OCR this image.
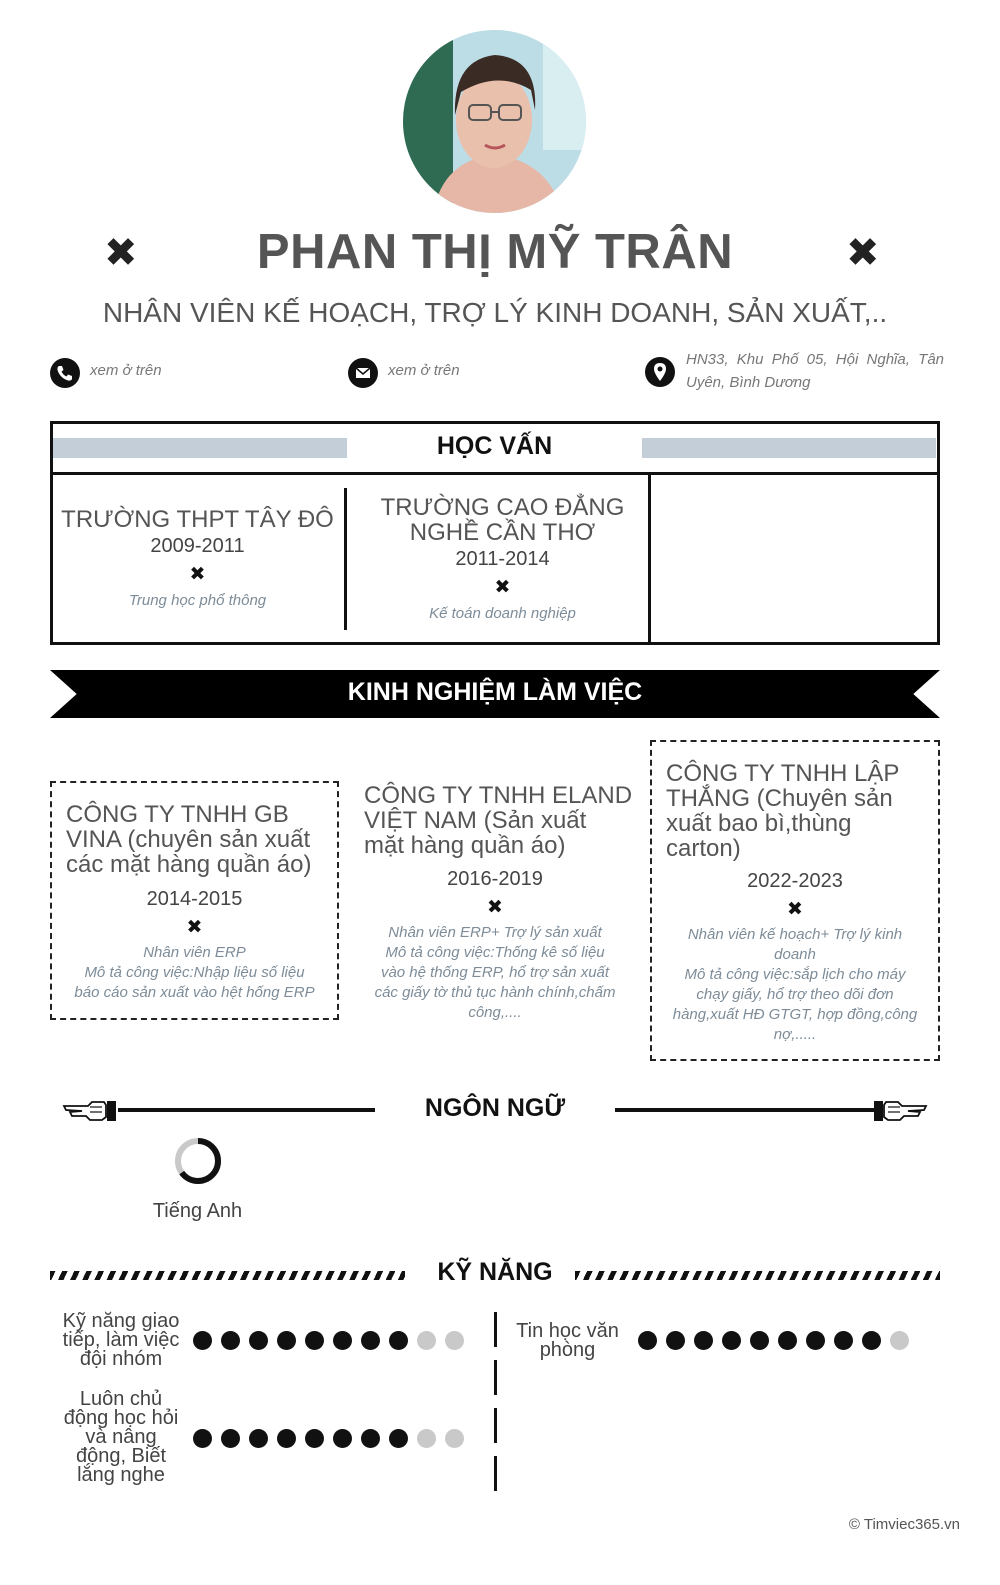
✖	PHAN THỊ MỸ TRÂN	✖
NHÂN VIÊN KẾ HOẠCH, TRỢ LÝ KINH DOANH, SẢN XUẤT,..
xem ở trên	xem ở trên
HN33, Khu Phố 05, Hội Nghĩa, Tân
Uyên, Bình Dương
HỌC VẤN
TRƯỜNG THPT TÂY ĐÔ
2009-2011
✖
Trung học phổ thông
TRƯỜNG CAO ĐẲNG
NGHỀ CẦN THƠ
2011-2014
✖
Kế toán doanh nghiệp
KINH NGHIỆM LÀM VIỆC
CÔNG TY TNHH GB
VINA (chuyên sản xuất
các mặt hàng quần áo)
2014-2015
✖
Nhân viên ERP
Mô tả công việc:Nhập liệu số liệu
báo cáo sản xuất vào hệt hống ERP
CÔNG TY TNHH ELAND
VIỆT NAM (Sản xuất
mặt hàng quần áo)
2016-2019
✖
Nhân viên ERP+ Trợ lý sản xuất
Mô tả công việc:Thống kê số liệu
vào hệ thống ERP, hổ trợ sản xuất
các giấy tờ thủ tục hành chính,chấm
công,....
CÔNG TY TNHH LẬP
THẮNG (Chuyên sản
xuất bao bì,thùng
carton)
2022-2023
✖
Nhân viên kế hoạch+ Trợ lý kinh
doanh
Mô tả công việc:sắp lịch cho máy
chạy giấy, hổ trợ theo dõi đơn
hàng,xuất HĐ GTGT, hợp đồng,công
nợ,.....
NGÔN NGỮ
Tiếng Anh
KỸ NĂNG
Kỹ năng giao
tiếp, làm việc
đội nhóm
Tin học văn
phòng
Luôn chủ
động học hỏi
và nâng
động, Biết
lắng nghe
© Timviec365.vn
